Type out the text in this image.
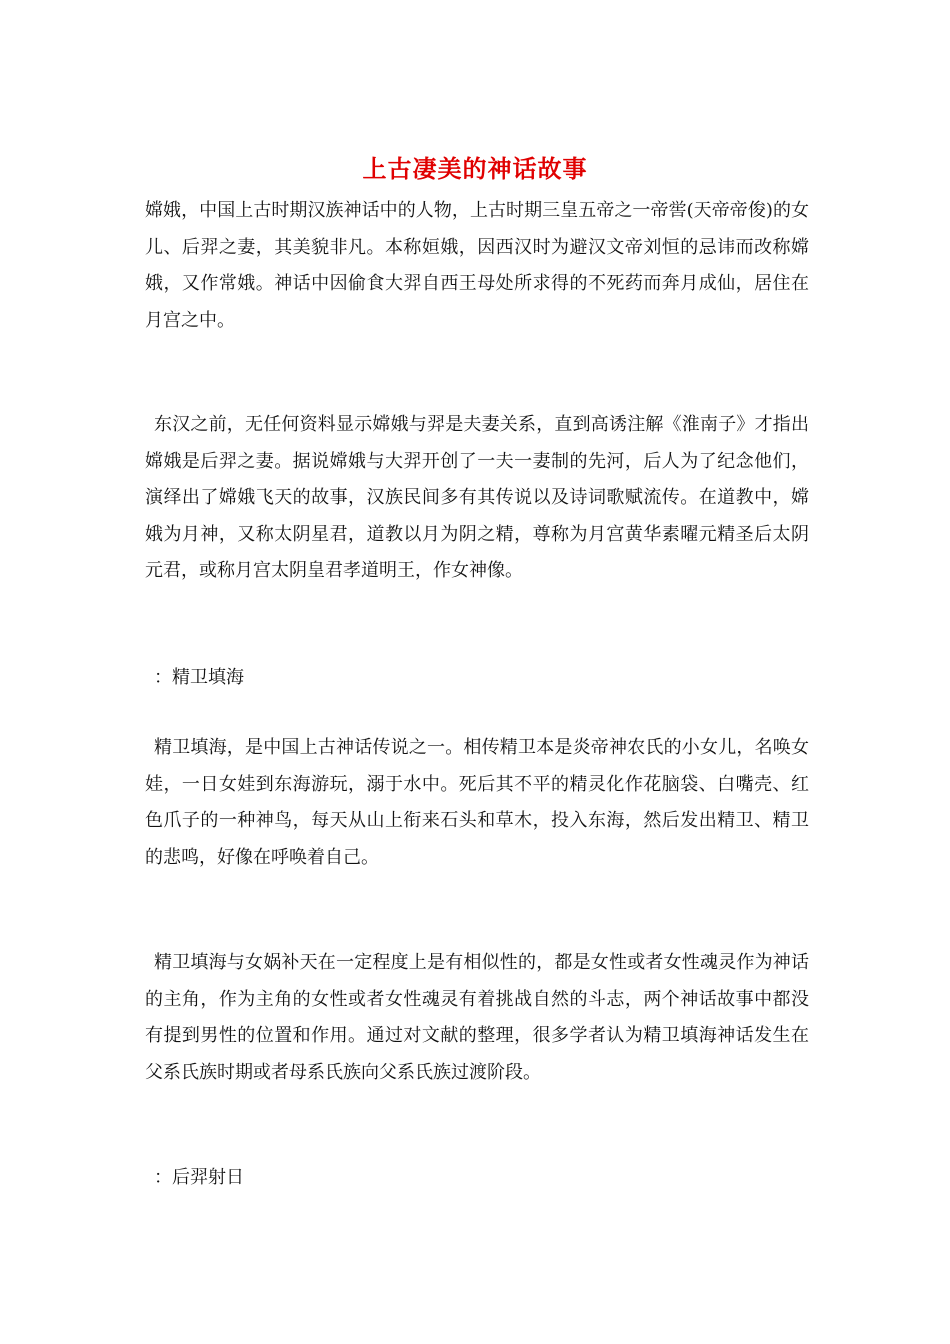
上古凄美的神话故事

嫦娥，中国上古时期汉族神话中的人物，上古时期三皇五帝之一帝喾(天帝帝俊)的女儿、后羿之妻，其美貌非凡。本称姮娥，因西汉时为避汉文帝刘恒的忌讳而改称嫦娥，又作常娥。神话中因偷食大羿自西王母处所求得的不死药而奔月成仙，居住在月宫之中。

东汉之前，无任何资料显示嫦娥与羿是夫妻关系，直到高诱注解《淮南子》才指出嫦娥是后羿之妻。据说嫦娥与大羿开创了一夫一妻制的先河，后人为了纪念他们，演绎出了嫦娥飞天的故事，汉族民间多有其传说以及诗词歌赋流传。在道教中，嫦娥为月神，又称太阴星君，道教以月为阴之精，尊称为月宫黄华素曜元精圣后太阴元君，或称月宫太阴皇君孝道明王，作女神像。

：精卫填海

精卫填海，是中国上古神话传说之一。相传精卫本是炎帝神农氏的小女儿，名唤女娃，一日女娃到东海游玩，溺于水中。死后其不平的精灵化作花脑袋、白嘴壳、红色爪子的一种神鸟，每天从山上衔来石头和草木，投入东海，然后发出精卫、精卫的悲鸣，好像在呼唤着自己。

精卫填海与女娲补天在一定程度上是有相似性的，都是女性或者女性魂灵作为神话的主角，作为主角的女性或者女性魂灵有着挑战自然的斗志，两个神话故事中都没有提到男性的位置和作用。通过对文献的整理，很多学者认为精卫填海神话发生在父系氏族时期或者母系氏族向父系氏族过渡阶段。

：后羿射日
